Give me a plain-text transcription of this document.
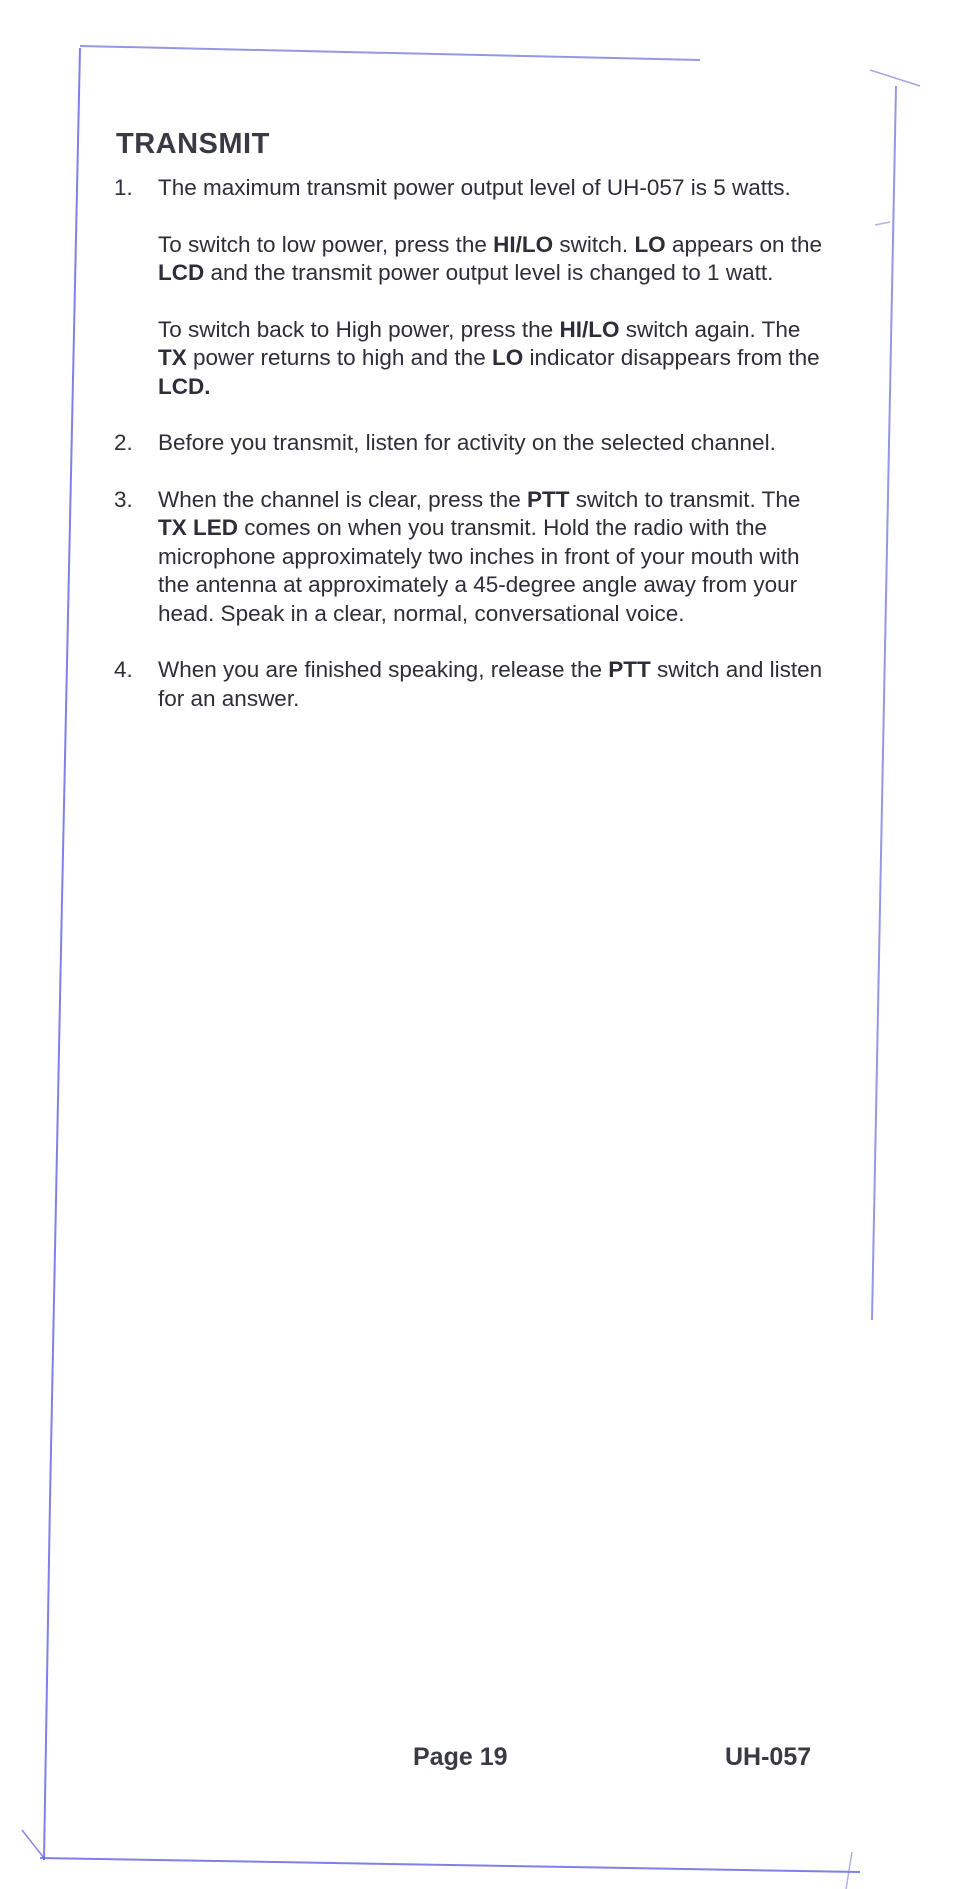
TRANSMIT
1.	The maximum transmit power output level of UH-057 is 5 watts.

To switch to low power, press the HI/LO switch. LO appears on the LCD and the transmit power output level is changed to 1 watt.

To switch back to High power, press the HI/LO switch again. The TX power returns to high and the LO indicator disappears from the LCD.

2.	Before you transmit, listen for activity on the selected channel.

3.	When the channel is clear, press the PTT switch to transmit. The TX LED comes on when you transmit. Hold the radio with the microphone approximately two inches in front of your mouth with the antenna at approximately a 45-degree angle away from your head. Speak in a clear, normal, conversational voice.

4.	When you are finished speaking, release the PTT switch and listen for an answer.

Page 19	UH-057
